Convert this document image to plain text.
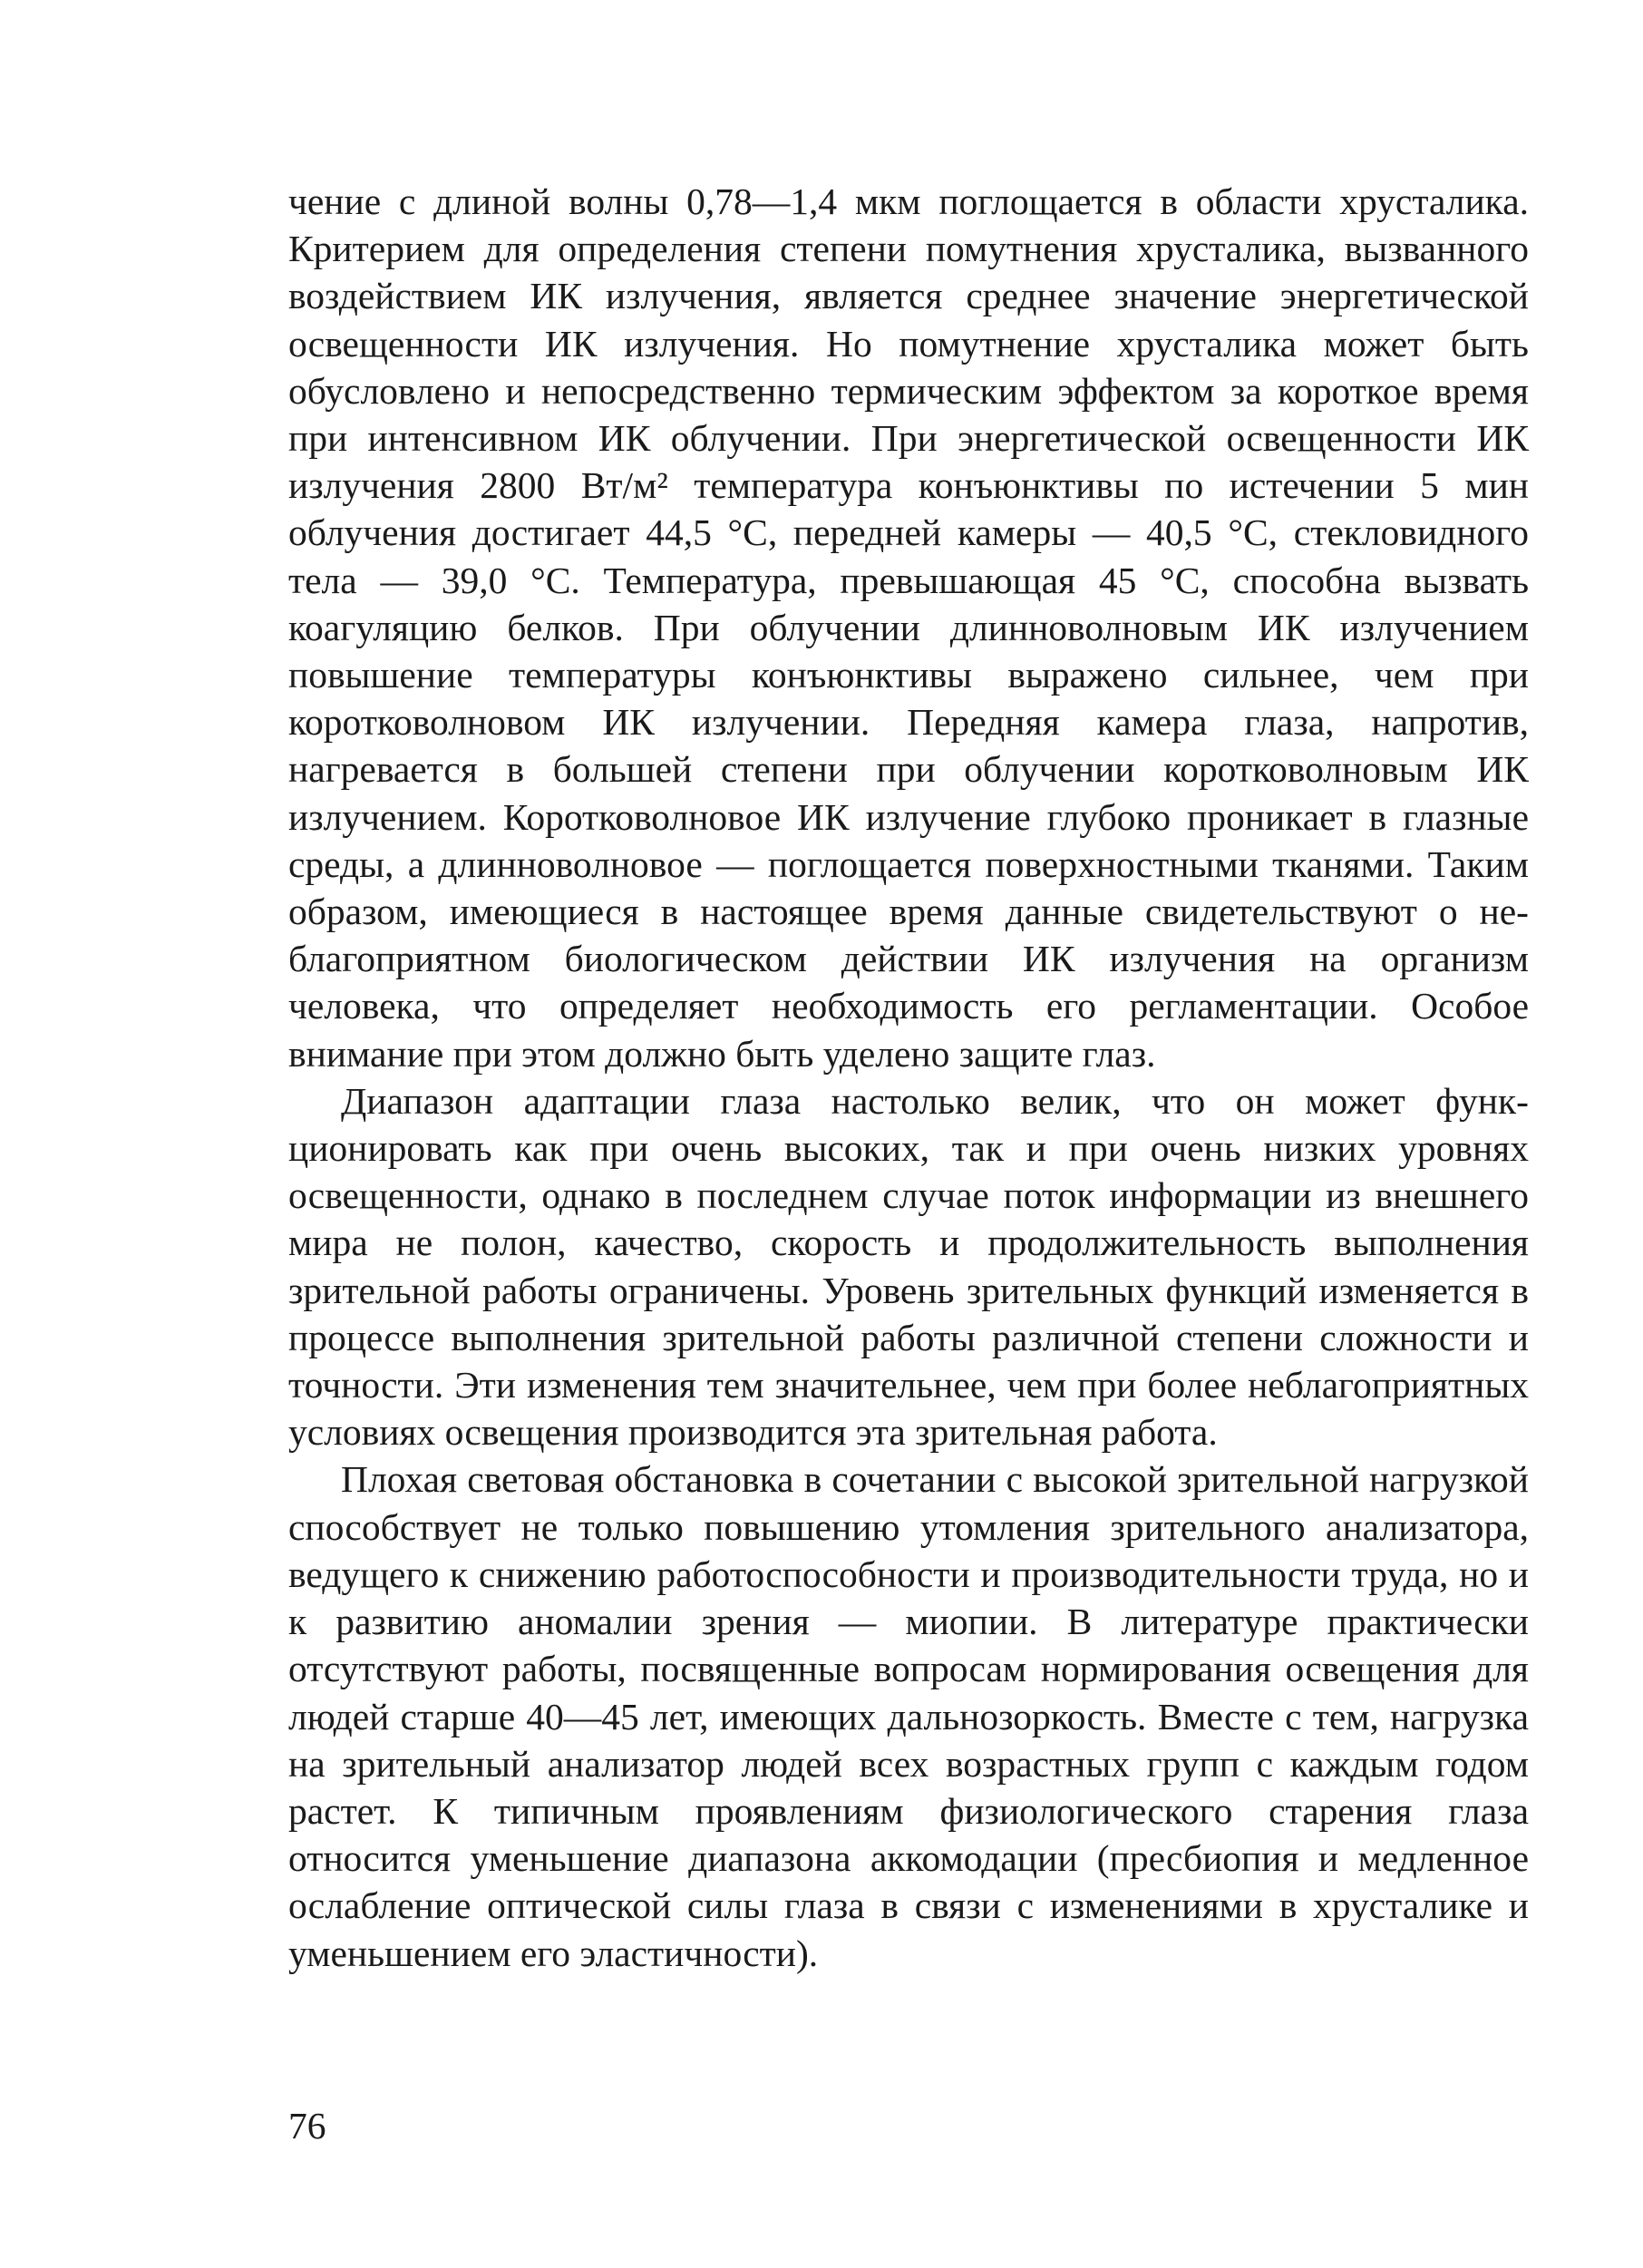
чение с длиной волны 0,78—1,4 мкм поглощается в области хрусталика. Критерием для определения степени помутнения хрусталика, вызванного воздействием ИК излучения, является среднее значение энергетической освещенности ИК излучения. Но помутнение хрусталика может быть обусловлено и непосредственно термическим эффектом за короткое время при интенсивном ИК облучении. При энергетической освещенности ИК излучения 2800 Вт/м² температура конъюнктивы по истечении 5 мин облучения достигает 44,5 °С, передней камеры — 40,5 °С, стекловидного тела — 39,0 °С. Температура, превышающая 45 °С, способна вызвать коагуляцию белков. При облучении длинноволновым ИК излучением повышение температуры конъюнктивы выражено сильнее, чем при коротковолновом ИК излучении. Передняя камера глаза, напротив, нагревается в большей степени при облучении коротковолновым ИК излучением. Коротковолновое ИК излучение глубоко проникает в глазные среды, а длинноволновое — поглощается поверхностными тканями. Таким образом, имеющиеся в настоящее время данные свидетельствуют о неблагоприятном биологическом действии ИК излучения на организм человека, что определяет необходимость его регламентации. Особое внимание при этом должно быть уделено защите глаз.

Диапазон адаптации глаза настолько велик, что он может функционировать как при очень высоких, так и при очень низких уровнях освещенности, однако в последнем случае поток информации из внешнего мира не полон, качество, скорость и продолжительность выполнения зрительной работы ограничены. Уровень зрительных функций изменяется в процессе выполнения зрительной работы различной степени сложности и точности. Эти изменения тем значительнее, чем при более неблагоприятных условиях освещения производится эта зрительная работа.

Плохая световая обстановка в сочетании с высокой зрительной нагрузкой способствует не только повышению утомления зрительного анализатора, ведущего к снижению работоспособности и производительности труда, но и к развитию аномалии зрения — миопии. В литературе практически отсутствуют работы, посвященные вопросам нормирования освещения для людей старше 40—45 лет, имеющих дальнозоркость. Вместе с тем, нагрузка на зрительный анализатор людей всех возрастных групп с каждым годом растет. К типичным проявлениям физиологического старения глаза относится уменьшение диапазона аккомодации (пресбиопия и медленное ослабление оптической силы глаза в связи с изменениями в хрусталике и уменьшением его эластичности).

76
